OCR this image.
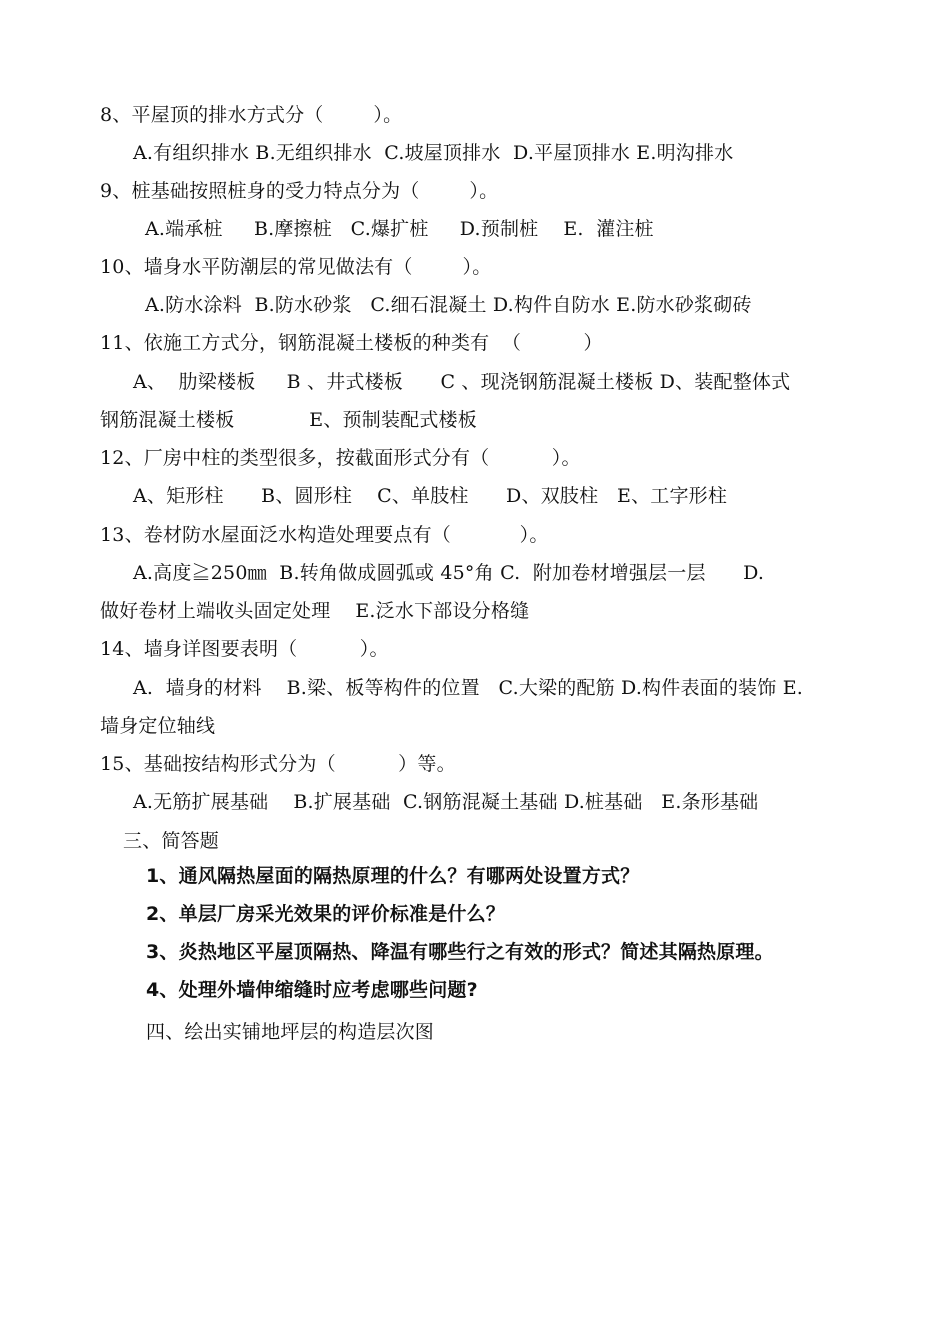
8、平屋顶的排水方式分（        ）。
A.有组织排水 B.无组织排水  C.坡屋顶排水  D.平屋顶排水 E.明沟排水
9、桩基础按照桩身的受力特点分为（        ）。
A.端承桩     B.摩擦桩   C.爆扩桩     D.预制桩    E.  灌注桩
10、墙身水平防潮层的常见做法有（        ）。
A.防水涂料  B.防水砂浆   C.细石混凝土 D.构件自防水 E.防水砂浆砌砖
11、依施工方式分，钢筋混凝土楼板的种类有  （          ）
A、  肋梁楼板     B 、井式楼板      C 、现浇钢筋混凝土楼板 D、装配整体式
钢筋混凝土楼板            E、预制装配式楼板
12、厂房中柱的类型很多，按截面形式分有（          ）。
A、矩形柱      B、圆形柱    C、单肢柱      D、双肢柱   E、工字形柱
13、卷材防水屋面泛水构造处理要点有（           ）。
A.高度≧250㎜  B.转角做成圆弧或 45°角 C.  附加卷材增强层一层      D.
做好卷材上端收头固定处理    E.泛水下部设分格缝
14、墙身详图要表明（          ）。
A.  墙身的材料    B.梁、板等构件的位置   C.大梁的配筋 D.构件表面的装饰 E.
墙身定位轴线
15、基础按结构形式分为（          ）等。
A.无筋扩展基础    B.扩展基础  C.钢筋混凝土基础 D.桩基础   E.条形基础
三、简答题
1、通风隔热屋面的隔热原理的什么？有哪两处设置方式？
2、单层厂房采光效果的评价标准是什么？
3、炎热地区平屋顶隔热、降温有哪些行之有效的形式？简述其隔热原理。
4、处理外墙伸缩缝时应考虑哪些问题?
四、绘出实铺地坪层的构造层次图
